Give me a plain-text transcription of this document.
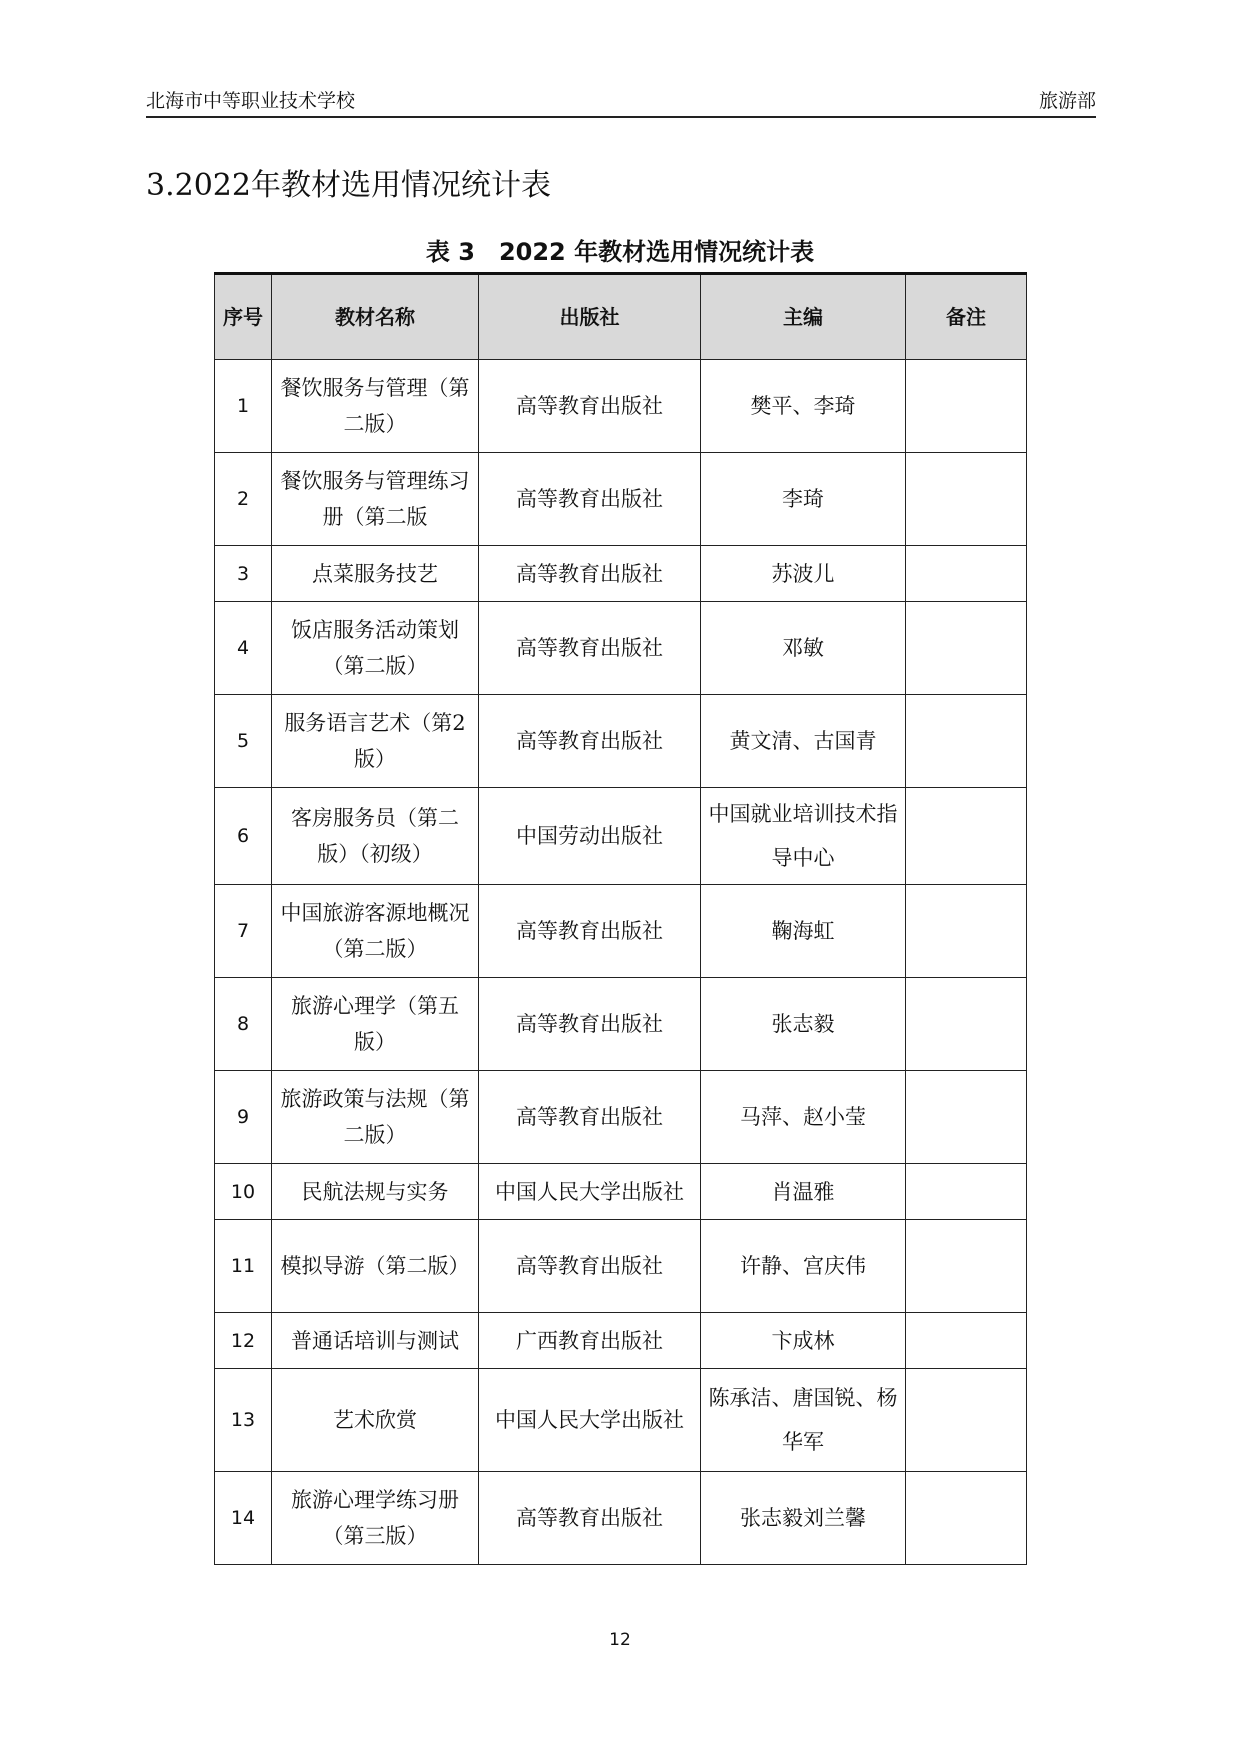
北海市中等职业技术学校	旅游部
3.2022年教材选用情况统计表
表 3　2022 年教材选用情况统计表
序号	教材名称	出版社	主编	备注
1	餐饮服务与管理（第二版）	高等教育出版社	樊平、李琦	
2	餐饮服务与管理练习册（第二版	高等教育出版社	李琦	
3	点菜服务技艺	高等教育出版社	苏波儿	
4	饭店服务活动策划（第二版）	高等教育出版社	邓敏	
5	服务语言艺术（第2版）	高等教育出版社	黄文清、古国青	
6	客房服务员（第二版）（初级）	中国劳动出版社	中国就业培训技术指导中心	
7	中国旅游客源地概况（第二版）	高等教育出版社	鞠海虹	
8	旅游心理学（第五版）	高等教育出版社	张志毅	
9	旅游政策与法规（第二版）	高等教育出版社	马萍、赵小莹	
10	民航法规与实务	中国人民大学出版社	肖温雅	
11	模拟导游（第二版）	高等教育出版社	许静、宫庆伟	
12	普通话培训与测试	广西教育出版社	卞成林	
13	艺术欣赏	中国人民大学出版社	陈承洁、唐国锐、杨华军	
14	旅游心理学练习册（第三版）	高等教育出版社	张志毅刘兰馨	
12
